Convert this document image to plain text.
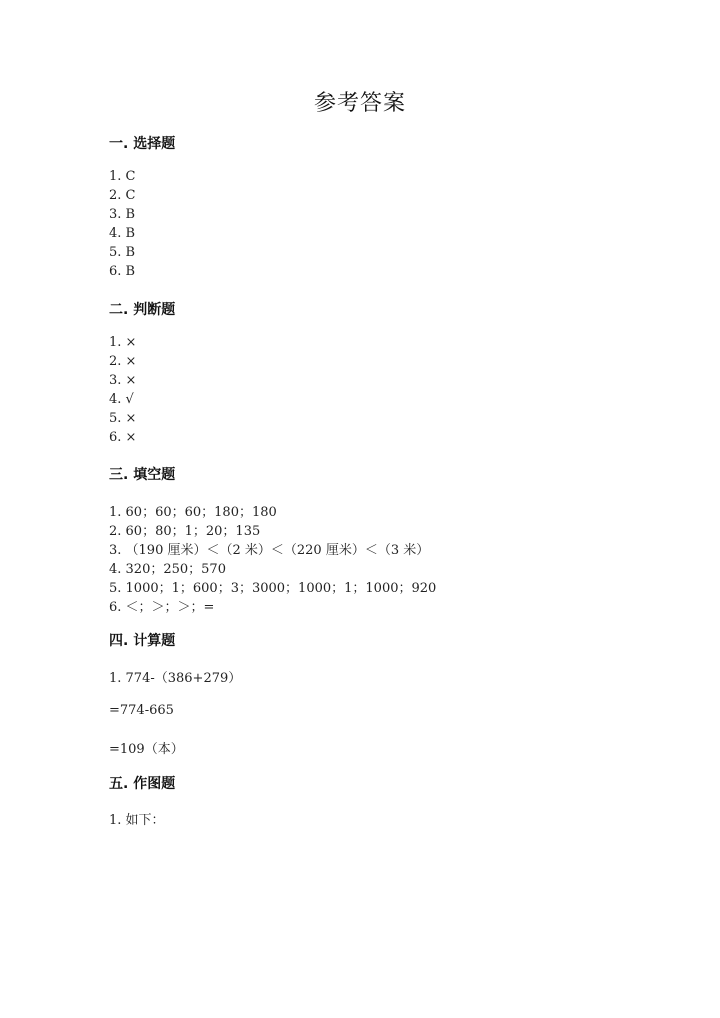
参考答案
一. 选择题
1. C
2. C
3. B
4. B
5. B
6. B
二. 判断题
1. ×
2. ×
3. ×
4. √
5. ×
6. ×
三. 填空题
1. 60；60；60；180；180
2. 60；80；1；20；135
3. （190 厘米）＜（2 米）＜（220 厘米）＜（3 米）
4. 320；250；570
5. 1000；1；600；3；3000；1000；1；1000；920
6. ＜；＞；＞；=
四. 计算题
1. 774-（386+279）
=774-665
=109（本）
五. 作图题
1. 如下：
